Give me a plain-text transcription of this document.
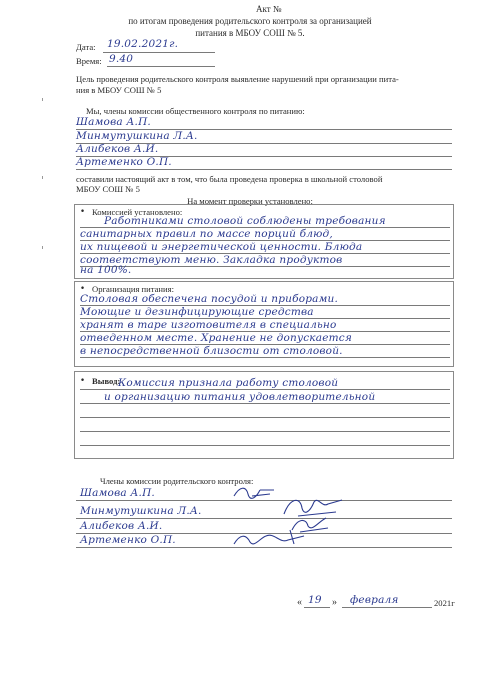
Акт №
по итогам проведения родительского контроля за организацией
питания в МБОУ СОШ № 5.
Дата: 19.02.2021г.
Время: 9.40
Цель проведения родительского контроля выявление нарушений при организации пита-
ния в МБОУ СОШ № 5
Мы, члены комиссии общественного контроля по питанию:
Шамова А.П.
Минмутушкина Л.А.
Алибеков А.И.
Артеменко О.П.
составили настоящий акт в том, что была проведена проверка в школьной столовой
МБОУ СОШ № 5
На момент проверки установлено:
• Комиссией установлено:
Работниками столовой соблюдены требования
санитарных правил по массе порций блюд,
их пищевой и энергетической ценности. Блюда
соответствуют меню. Закладка продуктов
на 100%.
• Организация питания:
Столовая обеспечена посудой и приборами.
Моющие и дезинфицирующие средства
хранят в таре изготовителя в специально
отведенном месте. Хранение не допускается
в непосредственной близости от столовой.
• Вывод:
Комиссия признала работу столовой
и организацию питания удовлетворительной
Члены комиссии родительского контроля:
Шамова А.П.
Минмутушкина Л.А.
Алибеков А.И.
Артеменко О.П.
« 19 » февраля	2021г
